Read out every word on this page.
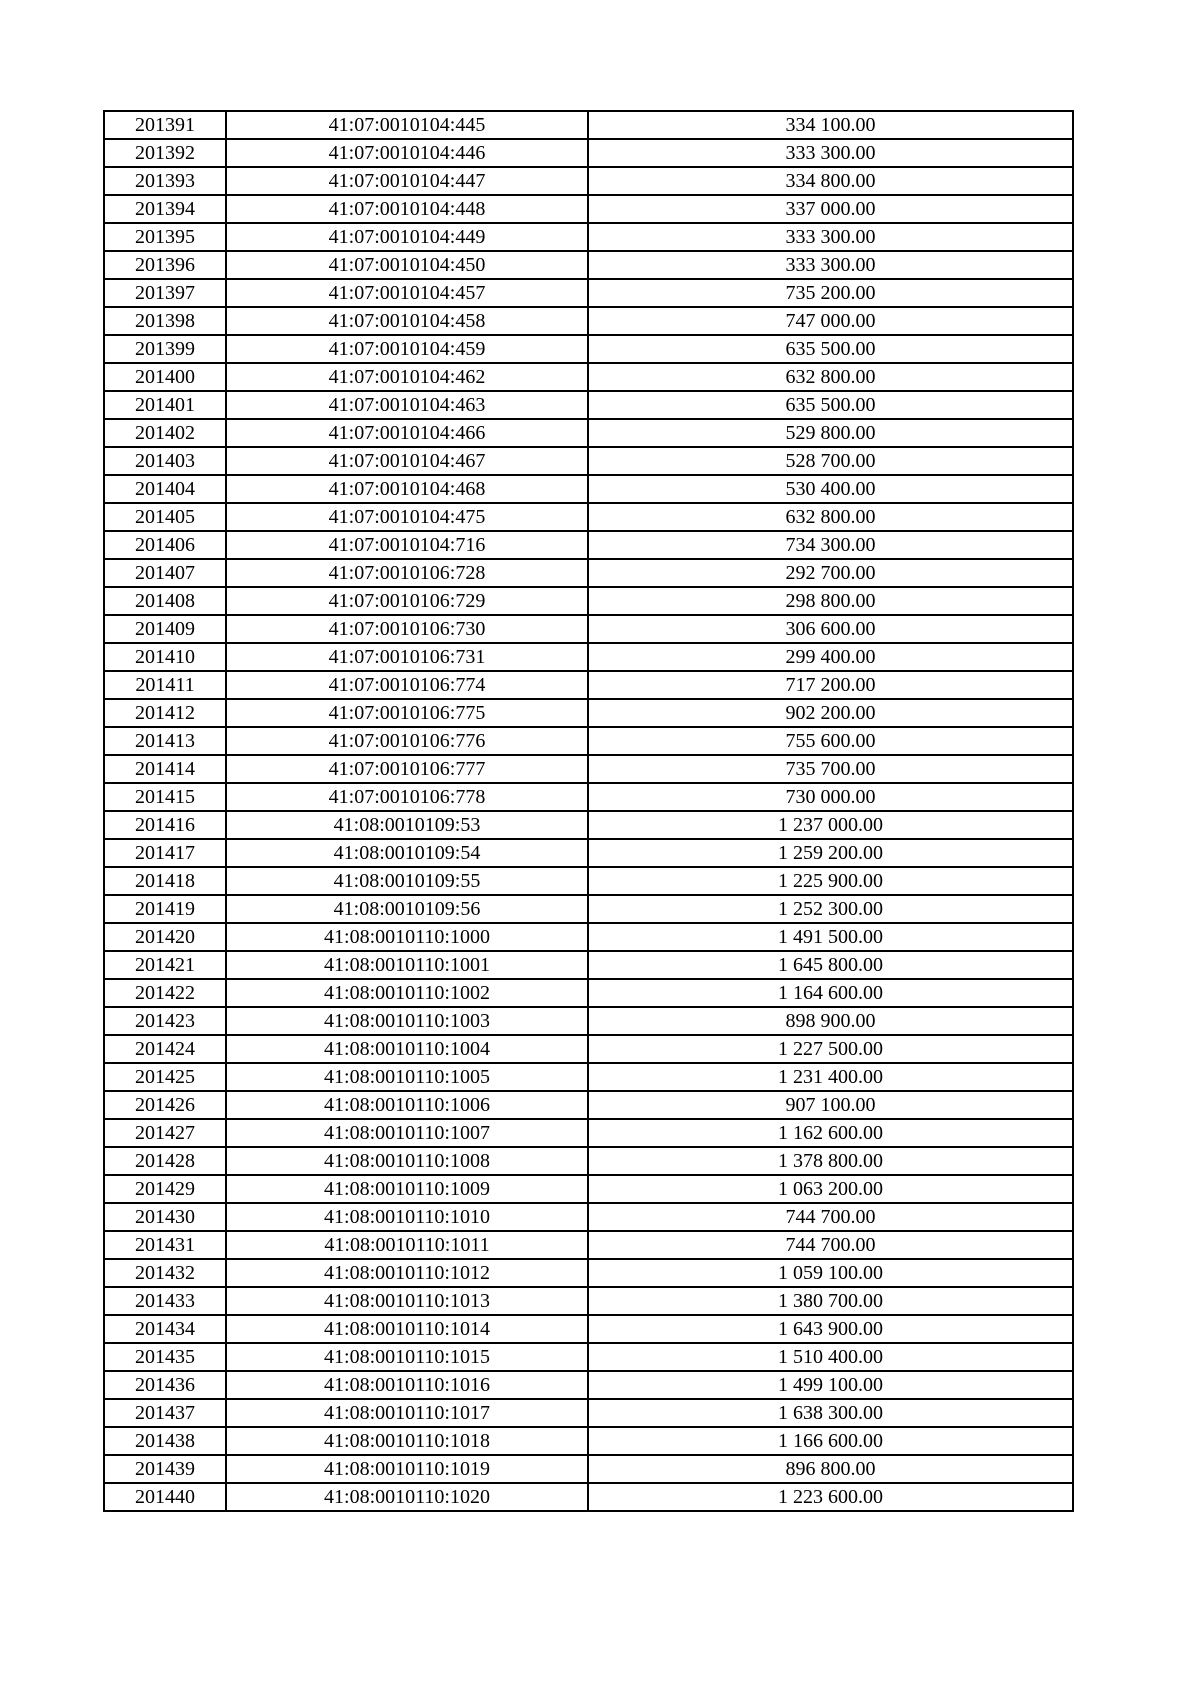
201391	41:07:0010104:445	334 100.00
201392	41:07:0010104:446	333 300.00
201393	41:07:0010104:447	334 800.00
201394	41:07:0010104:448	337 000.00
201395	41:07:0010104:449	333 300.00
201396	41:07:0010104:450	333 300.00
201397	41:07:0010104:457	735 200.00
201398	41:07:0010104:458	747 000.00
201399	41:07:0010104:459	635 500.00
201400	41:07:0010104:462	632 800.00
201401	41:07:0010104:463	635 500.00
201402	41:07:0010104:466	529 800.00
201403	41:07:0010104:467	528 700.00
201404	41:07:0010104:468	530 400.00
201405	41:07:0010104:475	632 800.00
201406	41:07:0010104:716	734 300.00
201407	41:07:0010106:728	292 700.00
201408	41:07:0010106:729	298 800.00
201409	41:07:0010106:730	306 600.00
201410	41:07:0010106:731	299 400.00
201411	41:07:0010106:774	717 200.00
201412	41:07:0010106:775	902 200.00
201413	41:07:0010106:776	755 600.00
201414	41:07:0010106:777	735 700.00
201415	41:07:0010106:778	730 000.00
201416	41:08:0010109:53	1 237 000.00
201417	41:08:0010109:54	1 259 200.00
201418	41:08:0010109:55	1 225 900.00
201419	41:08:0010109:56	1 252 300.00
201420	41:08:0010110:1000	1 491 500.00
201421	41:08:0010110:1001	1 645 800.00
201422	41:08:0010110:1002	1 164 600.00
201423	41:08:0010110:1003	898 900.00
201424	41:08:0010110:1004	1 227 500.00
201425	41:08:0010110:1005	1 231 400.00
201426	41:08:0010110:1006	907 100.00
201427	41:08:0010110:1007	1 162 600.00
201428	41:08:0010110:1008	1 378 800.00
201429	41:08:0010110:1009	1 063 200.00
201430	41:08:0010110:1010	744 700.00
201431	41:08:0010110:1011	744 700.00
201432	41:08:0010110:1012	1 059 100.00
201433	41:08:0010110:1013	1 380 700.00
201434	41:08:0010110:1014	1 643 900.00
201435	41:08:0010110:1015	1 510 400.00
201436	41:08:0010110:1016	1 499 100.00
201437	41:08:0010110:1017	1 638 300.00
201438	41:08:0010110:1018	1 166 600.00
201439	41:08:0010110:1019	896 800.00
201440	41:08:0010110:1020	1 223 600.00
